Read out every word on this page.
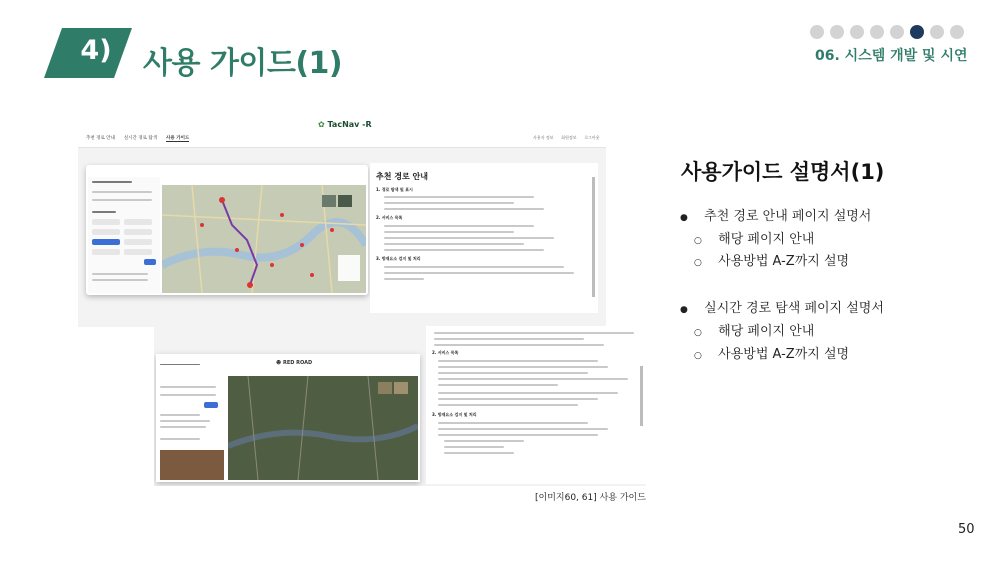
4)	사용 가이드(1)	06. 시스템 개발 및 시연
✿ TacNav -R
추천 경로 안내 실시간 경로 탐색 사용 가이드	사용자 정보 회원정보 로그아웃
추천 경로 안내
1. 경로 탐색 및 표시
2. 서비스 목록
3. 방재요소 검지 및 처리
☻ RED ROAD
2. 서비스 목록
3. 방재요소 검지 및 처리
[이미지60, 61] 사용 가이드
사용가이드 설명서(1)
● 추천 경로 안내 페이지 설명서
○ 해당 페이지 안내
○ 사용방법 A-Z까지 설명
● 실시간 경로 탐색 페이지 설명서
○ 해당 페이지 안내
○ 사용방법 A-Z까지 설명
50
